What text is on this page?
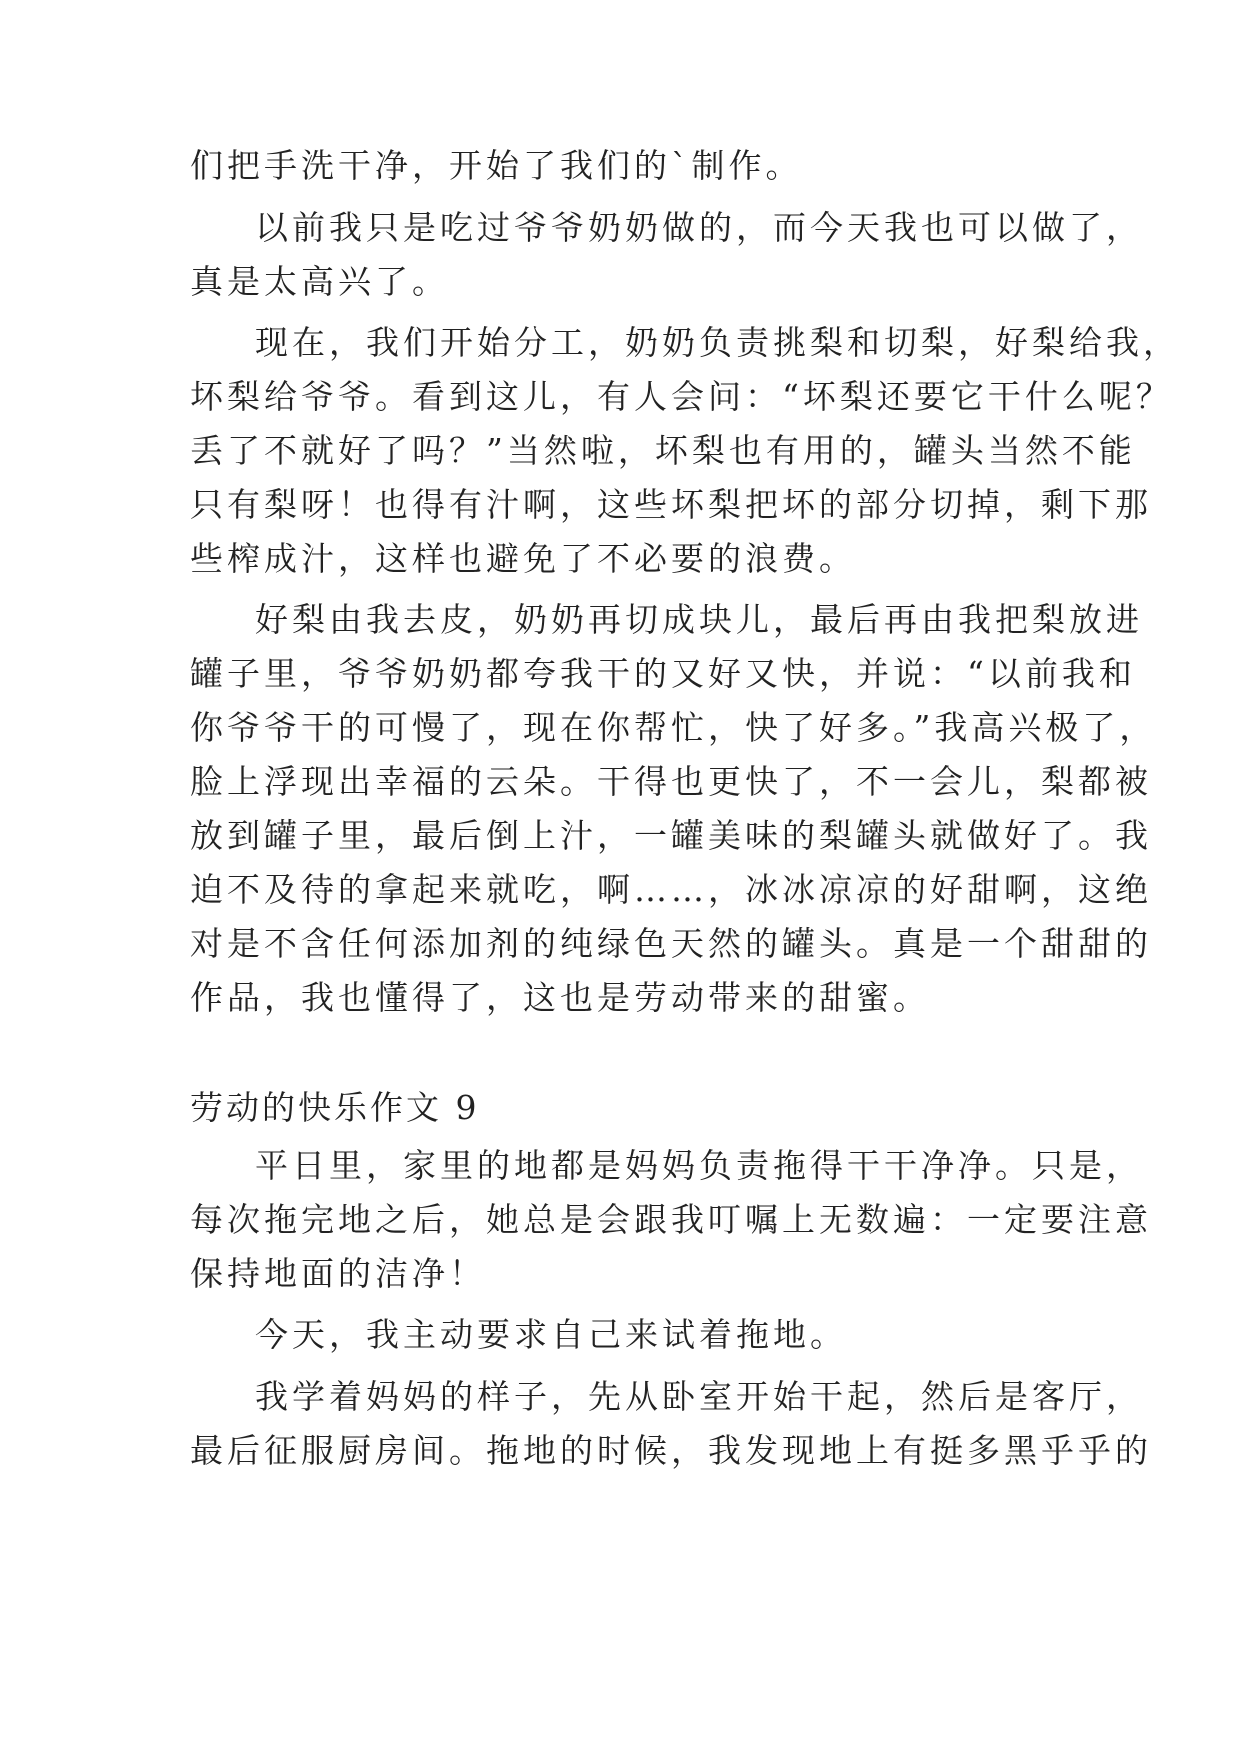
们把手洗干净，开始了我们的`制作。

以前我只是吃过爷爷奶奶做的，而今天我也可以做了，

真是太高兴了。

现在，我们开始分工，奶奶负责挑梨和切梨，好梨给我，

坏梨给爷爷。看到这儿，有人会问：“坏梨还要它干什么呢？

丢了不就好了吗？”当然啦，坏梨也有用的，罐头当然不能

只有梨呀！也得有汁啊，这些坏梨把坏的部分切掉，剩下那

些榨成汁，这样也避免了不必要的浪费。

好梨由我去皮，奶奶再切成块儿，最后再由我把梨放进

罐子里，爷爷奶奶都夸我干的又好又快，并说：“以前我和

你爷爷干的可慢了，现在你帮忙，快了好多。”我高兴极了，

脸上浮现出幸福的云朵。干得也更快了，不一会儿，梨都被

放到罐子里，最后倒上汁，一罐美味的梨罐头就做好了。我

迫不及待的拿起来就吃，啊……，冰冰凉凉的好甜啊，这绝

对是不含任何添加剂的纯绿色天然的罐头。真是一个甜甜的

作品，我也懂得了，这也是劳动带来的甜蜜。

劳动的快乐作文 9

平日里，家里的地都是妈妈负责拖得干干净净。只是，

每次拖完地之后，她总是会跟我叮嘱上无数遍：一定要注意

保持地面的洁净！

今天，我主动要求自己来试着拖地。

我学着妈妈的样子，先从卧室开始干起，然后是客厅，

最后征服厨房间。拖地的时候，我发现地上有挺多黑乎乎的
